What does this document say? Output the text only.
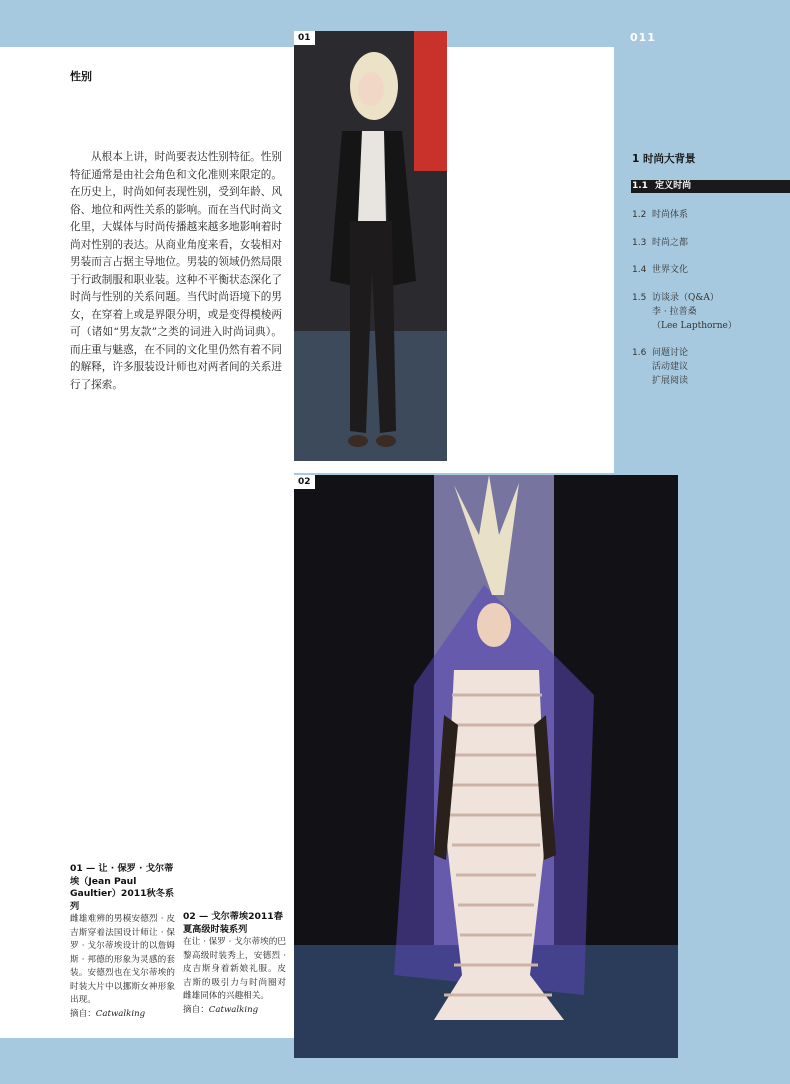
011
01
02
性别

从根本上讲，时尚要表达性别特征。性别特征通常是由社会角色和文化准则来限定的。在历史上，时尚如何表现性别，受到年龄、风俗、地位和两性关系的影响。而在当代时尚文化里，大媒体与时尚传播越来越多地影响着时尚对性别的表达。从商业角度来看，女装相对男装而言占据主导地位。男装的领域仍然局限于行政制服和职业装。这种不平衡状态深化了时尚与性别的关系问题。当代时尚语境下的男女，在穿着上或是界限分明，或是变得模棱两可（诸如“男友款”之类的词进入时尚词典）。而庄重与魅惑，在不同的文化里仍然有着不同的解释，许多服装设计师也对两者间的关系进行了探索。

1 时尚大背景
1.1 定义时尚
1.2 时尚体系
1.3 时尚之都
1.4 世界文化
1.5 访谈录（Q&A）
李 · 拉普桑
（Lee Lapthorne）
1.6 问题讨论
活动建议
扩展阅读

01 — 让 · 保罗 · 戈尔蒂埃（Jean Paul Gaultier）2011秋冬系列

雌雄难辨的男模安德烈 · 皮吉斯穿着法国设计师让 · 保罗 · 戈尔蒂埃设计的以詹姆斯 · 邦德的形象为灵感的套装。安德烈也在戈尔蒂埃的时装大片中以挪斯女神形象出现。

摘自：Catwalking

02 — 戈尔蒂埃2011春夏高级时装系列

在让 · 保罗 · 戈尔蒂埃的巴黎高级时装秀上，安德烈 · 皮吉斯身着新娘礼服。皮吉斯的吸引力与时尚圈对雌雄同体的兴趣相关。

摘自：Catwalking
